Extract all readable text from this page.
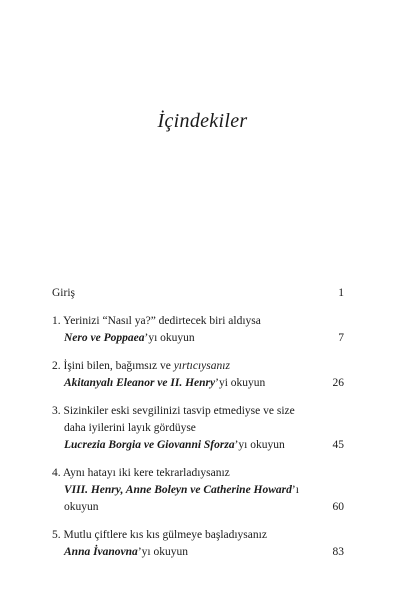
İçindekiler
Giriş	1
1. Yerinizi “Nasıl ya?” dedirtecek biri aldıysa
Nero ve Poppaea’yı okuyun	7
2. İşini bilen, bağımsız ve yırtıcıysanız
Akitanyalı Eleanor ve II. Henry’yi okuyun	26
3. Sizinkiler eski sevgilinizi tasvip etmediyse ve size
daha iyilerini layık gördüyse
Lucrezia Borgia ve Giovanni Sforza’yı okuyun	45
4. Aynı hatayı iki kere tekrarladıysanız
VIII. Henry, Anne Boleyn ve Catherine Howard’ı
okuyun	60
5. Mutlu çiftlere kıs kıs gülmeye başladıysanız
Anna İvanovna’yı okuyun	83
